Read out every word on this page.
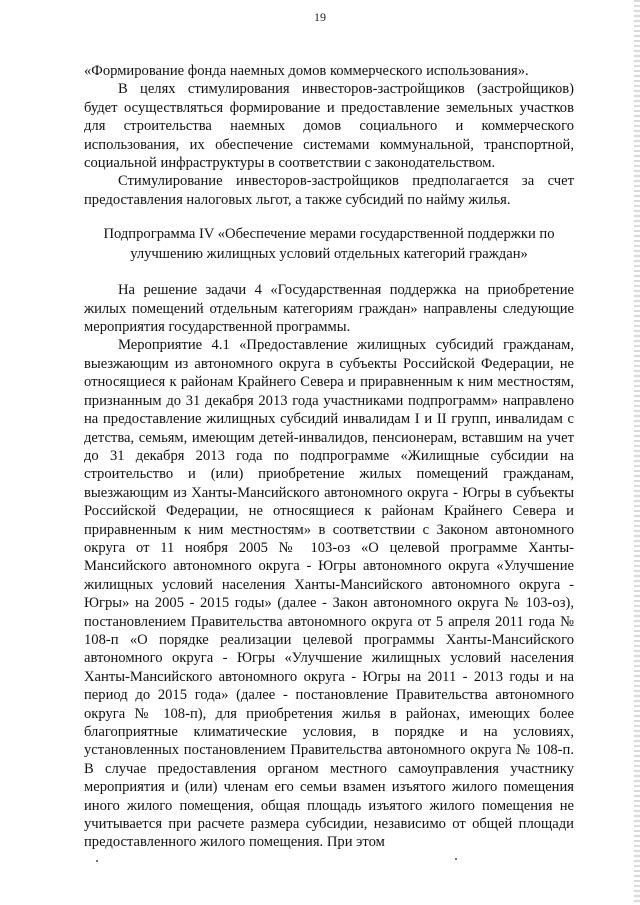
19

«Формирование фонда наемных домов коммерческого использования».

В целях стимулирования инвесторов-застройщиков (застройщиков) будет осуществляться формирование и предоставление земельных участков для строительства наемных домов социального и коммерческого использования, их обеспечение системами коммунальной, транспортной, социальной инфраструктуры в соответствии с законодательством.

Стимулирование инвесторов-застройщиков предполагается за счет предоставления налоговых льгот, а также субсидий по найму жилья.

Подпрограмма IV «Обеспечение мерами государственной поддержки по улучшению жилищных условий отдельных категорий граждан»

На решение задачи 4 «Государственная поддержка на приобретение жилых помещений отдельным категориям граждан» направлены следующие мероприятия государственной программы.

Мероприятие 4.1 «Предоставление жилищных субсидий гражданам, выезжающим из автономного округа в субъекты Российской Федерации, не относящиеся к районам Крайнего Севера и приравненным к ним местностям, признанным до 31 декабря 2013 года участниками подпрограмм» направлено на предоставление жилищных субсидий инвалидам I и II групп, инвалидам с детства, семьям, имеющим детей-инвалидов, пенсионерам, вставшим на учет до 31 декабря 2013 года по подпрограмме «Жилищные субсидии на строительство и (или) приобретение жилых помещений гражданам, выезжающим из Ханты-Мансийского автономного округа - Югры в субъекты Российской Федерации, не относящиеся к районам Крайнего Севера и приравненным к ним местностям» в соответствии с Законом автономного округа от 11 ноября 2005 № 103-оз «О целевой программе Ханты-Мансийского автономного округа - Югры автономного округа «Улучшение жилищных условий населения Ханты-Мансийского автономного округа - Югры» на 2005 - 2015 годы» (далее - Закон автономного округа № 103-оз), постановлением Правительства автономного округа от 5 апреля 2011 года № 108-п «О порядке реализации целевой программы Ханты-Мансийского автономного округа - Югры «Улучшение жилищных условий населения Ханты-Мансийского автономного округа - Югры на 2011 - 2013 годы и на период до 2015 года» (далее - постановление Правительства автономного округа № 108-п), для приобретения жилья в районах, имеющих более благоприятные климатические условия, в порядке и на условиях, установленных постановлением Правительства автономного округа № 108-п. В случае предоставления органом местного самоуправления участнику мероприятия и (или) членам его семьи взамен изъятого жилого помещения иного жилого помещения, общая площадь изъятого жилого помещения не учитывается при расчете размера субсидии, независимо от общей площади предоставленного жилого помещения. При этом
